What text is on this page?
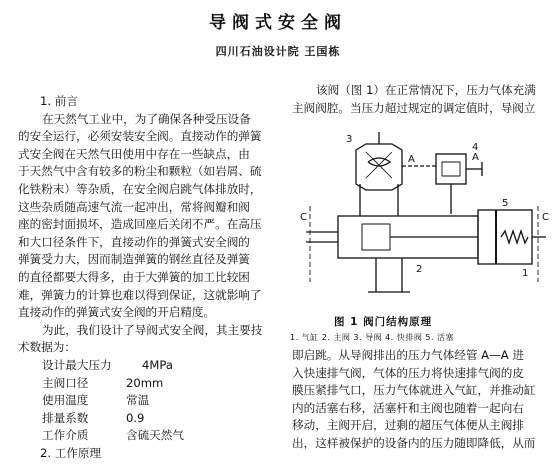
导阀式安全阀
四川石油设计院 王国栋

1. 前言

在天然气工业中，为了确保各种受压设备

的安全运行，必须安装安全阀。直接动作的弹簧

式安全阀在天然气田使用中存在一些缺点，由

于天然气中含有较多的粉尘和颗粒（如岩屑、硫

化铁粉末）等杂质，在安全阀启跳气体排放时，

这些杂质随高速气流一起冲出，常将阀瓣和阀

座的密封面损坏，造成回座后关闭不严。在高压

和大口径条件下，直接动作的弹簧式安全阀的

弹簧受力大，因而制造弹簧的钢丝直径及弹簧

的直径都要大得多，由于大弹簧的加工比较困

难，弹簧力的计算也难以得到保证，这就影响了

直接动作的弹簧式安全阀的开启精度。

为此，我们设计了导阀式安全阀，其主要技

术数据为：

设计最大压力	4MPa
主阀口径	20mm
使用温度	常温
排量系数	0.9
工作介质	含硫天然气

2. 工作原理

该阀（图 1）在正常情况下，压力气体充满

主阀阀腔。当压力超过规定的调定值时，导阀立

A	A
C	C
1
2
3
4
5
图 1 阀门结构原理
1. 气缸 2. 主阀 3. 导阀 4. 快排阀 5. 活塞

即启跳。从导阀排出的压力气体经管 A—A 进

入快速排气阀，气体的压力将快速排气阀的皮

膜压紧排气口，压力气体就进入气缸，并推动缸

内的活塞右移，活塞杆和主阀也随着一起向右

移动，主阀开启，过剩的超压气体便从主阀排

出，这样被保护的设备内的压力随即降低，从而
